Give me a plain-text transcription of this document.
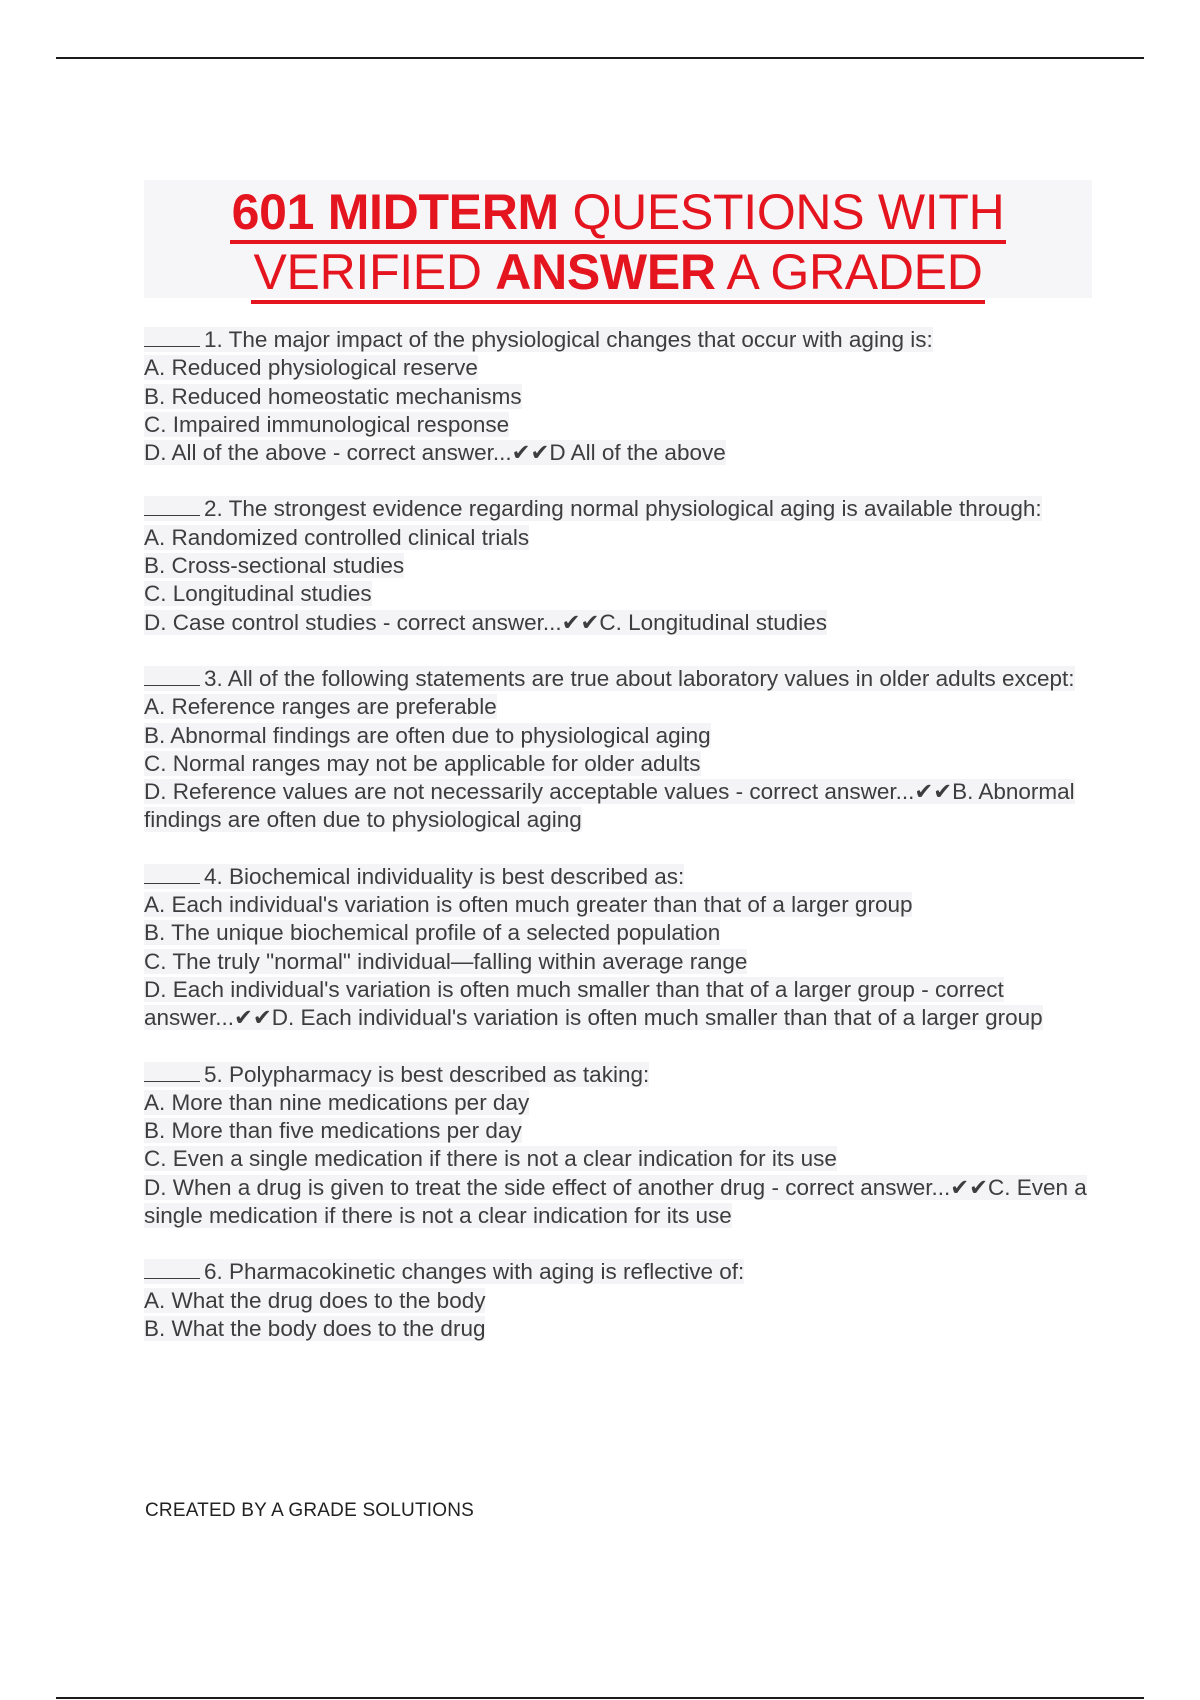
601 MIDTERM QUESTIONS WITH
VERIFIED ANSWER A GRADED
1. The major impact of the physiological changes that occur with aging is:
A. Reduced physiological reserve
B. Reduced homeostatic mechanisms
C. Impaired immunological response
D. All of the above - correct answer...✔✔D All of the above
2. The strongest evidence regarding normal physiological aging is available through:
A. Randomized controlled clinical trials
B. Cross-sectional studies
C. Longitudinal studies
D. Case control studies - correct answer...✔✔C. Longitudinal studies
3. All of the following statements are true about laboratory values in older adults except:
A. Reference ranges are preferable
B. Abnormal findings are often due to physiological aging
C. Normal ranges may not be applicable for older adults
D. Reference values are not necessarily acceptable values - correct answer...✔✔B. Abnormal findings are often due to physiological aging
4. Biochemical individuality is best described as:
A. Each individual's variation is often much greater than that of a larger group
B. The unique biochemical profile of a selected population
C. The truly "normal" individual—falling within average range
D. Each individual's variation is often much smaller than that of a larger group - correct answer...✔✔D. Each individual's variation is often much smaller than that of a larger group
5. Polypharmacy is best described as taking:
A. More than nine medications per day
B. More than five medications per day
C. Even a single medication if there is not a clear indication for its use
D. When a drug is given to treat the side effect of another drug - correct answer...✔✔C. Even a single medication if there is not a clear indication for its use
6. Pharmacokinetic changes with aging is reflective of:
A. What the drug does to the body
B. What the body does to the drug
CREATED BY A GRADE SOLUTIONS
